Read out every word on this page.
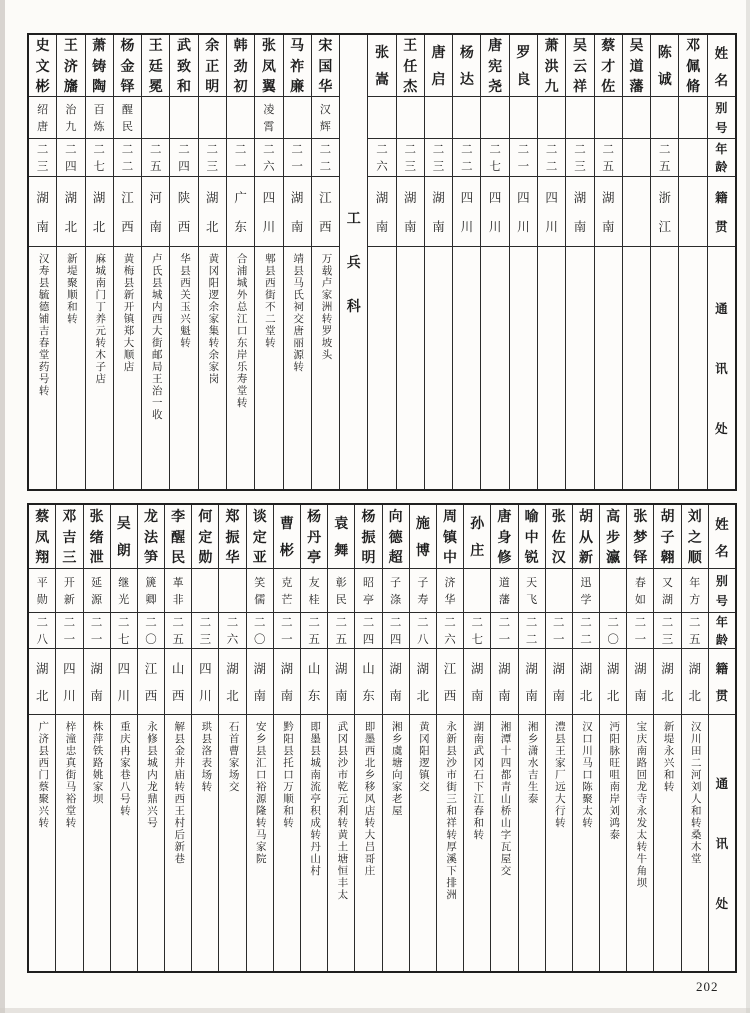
姓
名
别
号
年
龄
籍
贯
通
讯
处
邓
佩
脩
陈
诚
二
五
浙
江
吴
道
藩
蔡
才
佐
二
五
湖
南
吴
云
祥
二
三
湖
南
萧
洪
九
二
二
四
川
罗
良
二
一
四
川
唐
宪
尧
二
七
四
川
杨
达
二
二
四
川
唐
启
二
三
湖
南
王
任
杰
二
三
湖
南
张
嵩
二
六
湖
南
工
兵
科
宋
国
华
汉
辉
二
二
江
西
万载卢家洲转罗坡头
马
祚
廉
二
一
湖
南
靖县马氏祠交唐丽源转
张
凤
翼
凌
霄
二
六
四
川
郫县西街不二堂转
韩
劲
初
二
一
广
东
合浦城外总江口东岸乐寿堂转
余
正
明
二
三
湖
北
黄冈阳逻余家集转余家岗
武
致
和
二
四
陕
西
华县西关玉兴魁转
王
廷
冕
二
五
河
南
卢氏县城内西大街邮局王治一收
杨
金
铎
醒
民
二
二
江
西
黄梅县新开镇郑大顺店
萧
铸
陶
百
炼
二
七
湖
北
麻城南门丁养元转木子店
王
济
旛
治
九
二
四
湖
北
新堤聚顺和转
史
文
彬
绍
唐
二
三
湖
南
汉寿县毓德铺吉春堂药号转
姓
名
别
号
年
龄
籍
贯
通
讯
处
刘
之
顺
年
方
二
五
湖
北
汉川田二河刘人和转桑木堂
胡
子
翱
又
湖
二
三
湖
北
新堤永兴和转
张
梦
铎
春
如
二
一
湖
南
宝庆南路回龙寺永发太转牛角坝
高
步
瀛
二
〇
湖
北
沔阳脉旺咀南岸刘鸿泰
胡
从
新
迅
学
二
二
湖
北
汉口川马口陈聚太转
张
佐
汉
二
一
湖
南
澧县王家厂远大行转
喻
中
锐
天
飞
二
二
湖
南
湘乡潇水吉生泰
唐
身
修
道
藩
二
一
湖
南
湘潭十四都青山桥山字瓦屋交
孙
庄
二
七
湖
南
湖南武冈石下江春和转
周
镇
中
济
华
二
六
江
西
永新县沙市街三和祥转厚溪下排洲
施
博
子
寿
二
八
湖
北
黄冈阳逻镇交
向
德
超
子
涤
二
四
湖
南
湘乡虞塘向家老屋
杨
振
明
昭
亭
二
四
山
东
即墨西北乡移风店转大吕哥庄
袁
舞
彰
民
二
五
湖
南
武冈县沙市乾元利转黄土塘恒丰太
杨
丹
亭
友
桂
二
五
山
东
即墨县城南流亭积成转丹山村
曹
彬
克
芒
二
一
湖
南
黔阳县托口万顺和转
谈
定
亚
笑
儒
二
〇
湖
南
安乡县汇口裕源隆转马家院
郑
振
华
二
六
湖
北
石首曹家场交
何
定
勋
二
三
四
川
珙县洛表场转
李
醒
民
革
非
二
五
山
西
解县金井庙转西王村后新巷
龙
法
笋
篪
卿
二
〇
江
西
永修县城内龙鼎兴号
吴
朗
继
光
二
七
四
川
重庆冉家巷八号转
张
绪
泄
延
源
二
一
湖
南
株萍铁路姚家坝
邓
吉
三
开
新
二
一
四
川
梓潼忠真街马裕堂转
蔡
凤
翔
平
勋
二
八
湖
北
广济县西门蔡聚兴转
202
